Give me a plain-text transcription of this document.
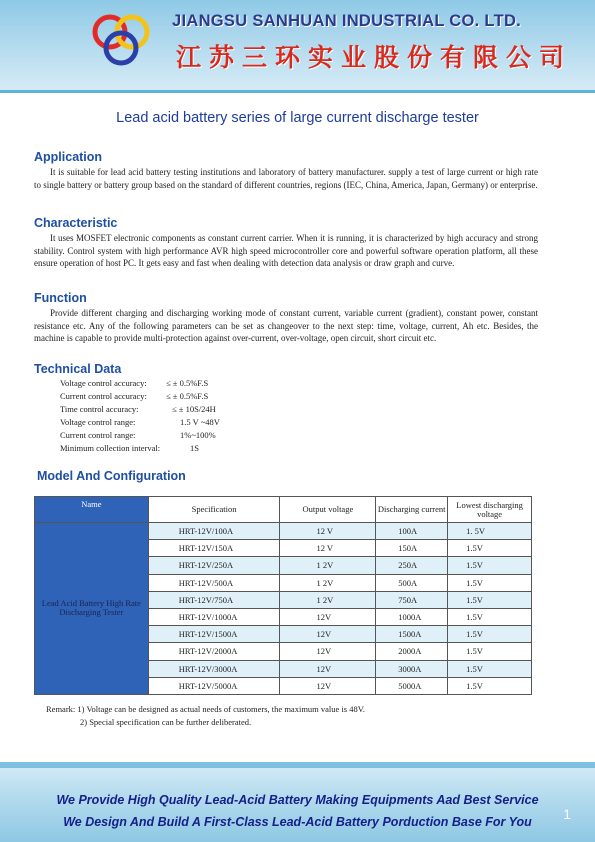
JIANGSU SANHUAN INDUSTRIAL CO. LTD.
江苏三环实业股份有限公司
Lead acid battery series of large current discharge tester
Application
It is suitable for lead acid battery testing institutions and laboratory of battery manufacturer. supply a test of large current or high rate to single battery or battery group based on the standard of different countries, regions (IEC, China, America, Japan, Germany) or enterprise.
Characteristic
It uses MOSFET electronic components as constant current carrier. When it is running, it is characterized by high accuracy and strong stability. Control system with high performance AVR high speed microcontroller core and powerful software operation platform, all these ensure operation of host PC. It gets easy and fast when dealing with detection data analysis or draw graph and curve.
Function
Provide different charging and discharging working mode of constant current, variable current (gradient), constant power, constant resistance etc. Any of the following parameters can be set as changeover to the next step: time, voltage, current, Ah etc. Besides, the machine is capable to provide multi-protection against over-current, over-voltage, open circuit, short circuit etc.
Technical Data
Voltage control accuracy: ≤ ± 0.5%F.S
Current control accuracy: ≤ ± 0.5%F.S
Time control accuracy:	≤ ± 10S/24H
Voltage control range:	1.5 V ~48V
Current control range:	1%~100%
Minimum collection interval:	1S
Model And Configuration
Name	Specification	Output voltage	Discharging current	Lowest discharging voltage
Lead Acid Battery High Rate Discharging Tester	HRT-12V/100A	12 V	100A	1. 5V
	HRT-12V/150A	12 V	150A	1.5V
	HRT-12V/250A	1 2V	250A	1.5V
	HRT-12V/500A	1 2V	500A	1.5V
	HRT-12V/750A	1 2V	750A	1.5V
	HRT-12V/1000A	12V	1000A	1.5V
	HRT-12V/1500A	12V	1500A	1.5V
	HRT-12V/2000A	12V	2000A	1.5V
	HRT-12V/3000A	12V	3000A	1.5V
	HRT-12V/5000A	12V	5000A	1.5V
Remark: 1) Voltage can be designed as actual needs of customers, the maximum value is 48V.
2) Special specification can be further deliberated.
We Provide High Quality Lead-Acid Battery Making Equipments Aad Best Service
We Design And Build A First-Class Lead-Acid Battery Porduction Base For You	1
